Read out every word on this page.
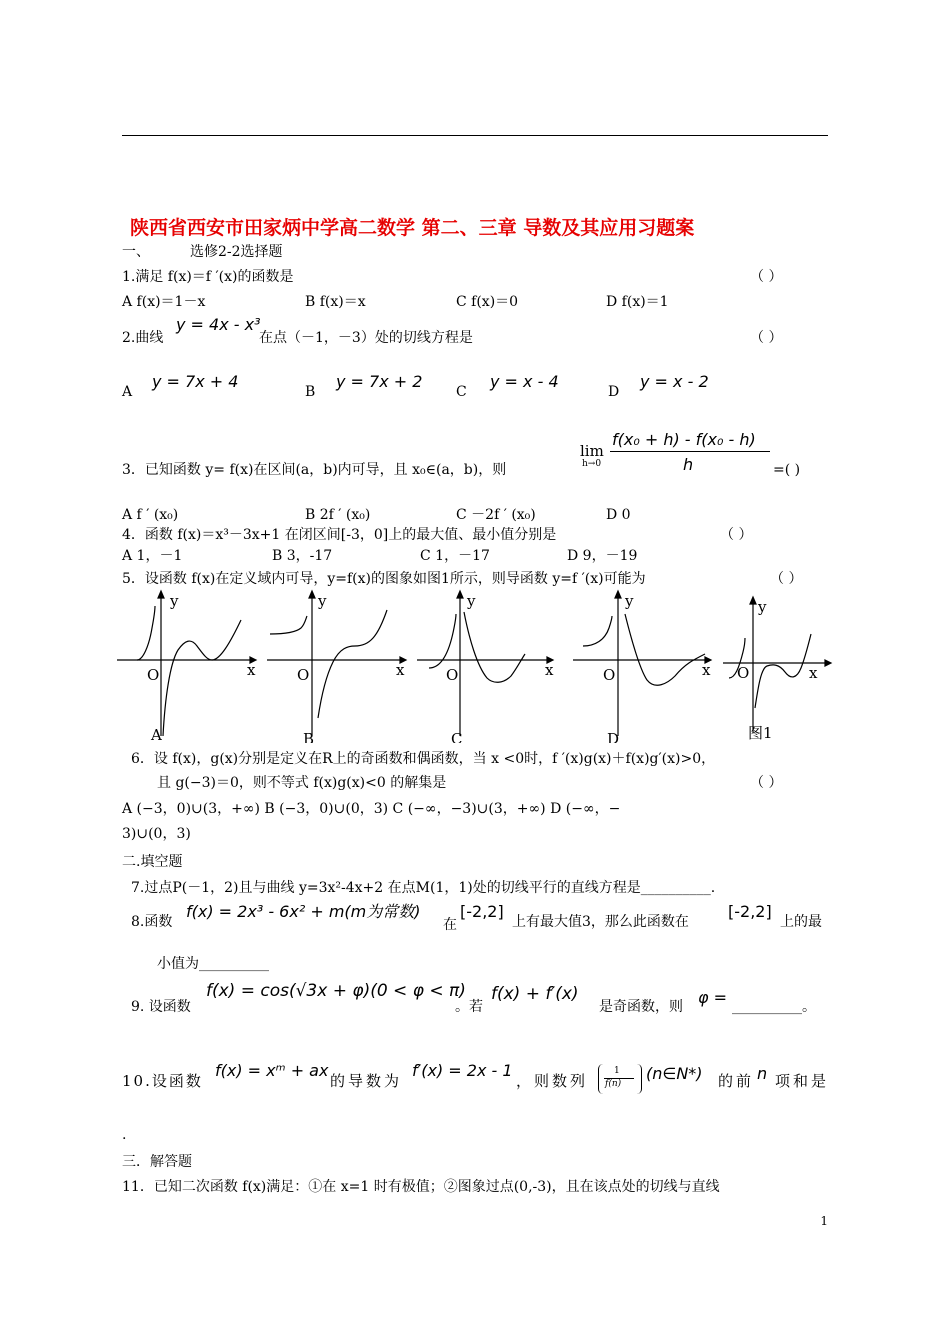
陕西省西安市田家炳中学高二数学 第二、三章 导数及其应用习题案
一、	选修2-2选择题
1.满足 f(x)＝f ′(x)的函数是	（ ）
A f(x)＝1－x	B f(x)＝x	C f(x)＝0	D f(x)＝1
2.曲线
y = 4x - x³
在点（－1，－3）处的切线方程是	（ ）
A
y = 7x + 4
B
y = 7x + 2
C
y = x - 4
D
y = x - 2
3．已知函数 y= f(x)在区间(a，b)内可导，且 x₀∈(a，b)，则
lim
h→0
f(x₀ + h) - f(x₀ - h)
h	=( )
A f ′ (x₀)	B 2f ′ (x₀)	C －2f ′ (x₀)	D 0
4．函数 f(x)＝x³－3x+1 在闭区间[-3，0]上的最大值、最小值分别是	（ ）
A 1，－1	B 3，-17	C 1，－17	D 9，－19
5．设函数 f(x)在定义域内可导，y=f(x)的图象如图1所示，则导函数 y=f ′(x)可能为	（ ）
y
x
O
A
y
x
O
B
y
x
O
C
y
x
O
D
y
x
O
图1
6．设 f(x)，g(x)分别是定义在R上的奇函数和偶函数，当 x <0时，f ′(x)g(x)＋f(x)g′(x)>0，
且 g(−3)＝0，则不等式 f(x)g(x)<0 的解集是	（ ）
A (−3，0)∪(3，+∞) B (−3，0)∪(0，3) C (−∞，−3)∪(3，+∞) D (−∞，−
3)∪(0，3)
二.填空题
7.过点P(－1，2)且与曲线 y=3x²-4x+2 在点M(1，1)处的切线平行的直线方程是__________.
8.函数
f(x) = 2x³ - 6x² + m(m为常数)
在
[-2,2]
上有最大值3，那么此函数在
[-2,2]
上的最
小值为__________
9. 设函数
f(x) = cos(√3x + φ)(0 < φ < π)
。若
f(x) + f′(x)
是奇函数，则 φ = __________。
10.设函数
f(x) = xᵐ + ax
的导数为
f′(x) = 2x - 1
，则数列
1
f(n)
(n∈N*) 的前 n 项和是
.
三．解答题
11．已知二次函数 f(x)满足：①在 x=1 时有极值；②图象过点(0,-3)，且在该点处的切线与直线
1
